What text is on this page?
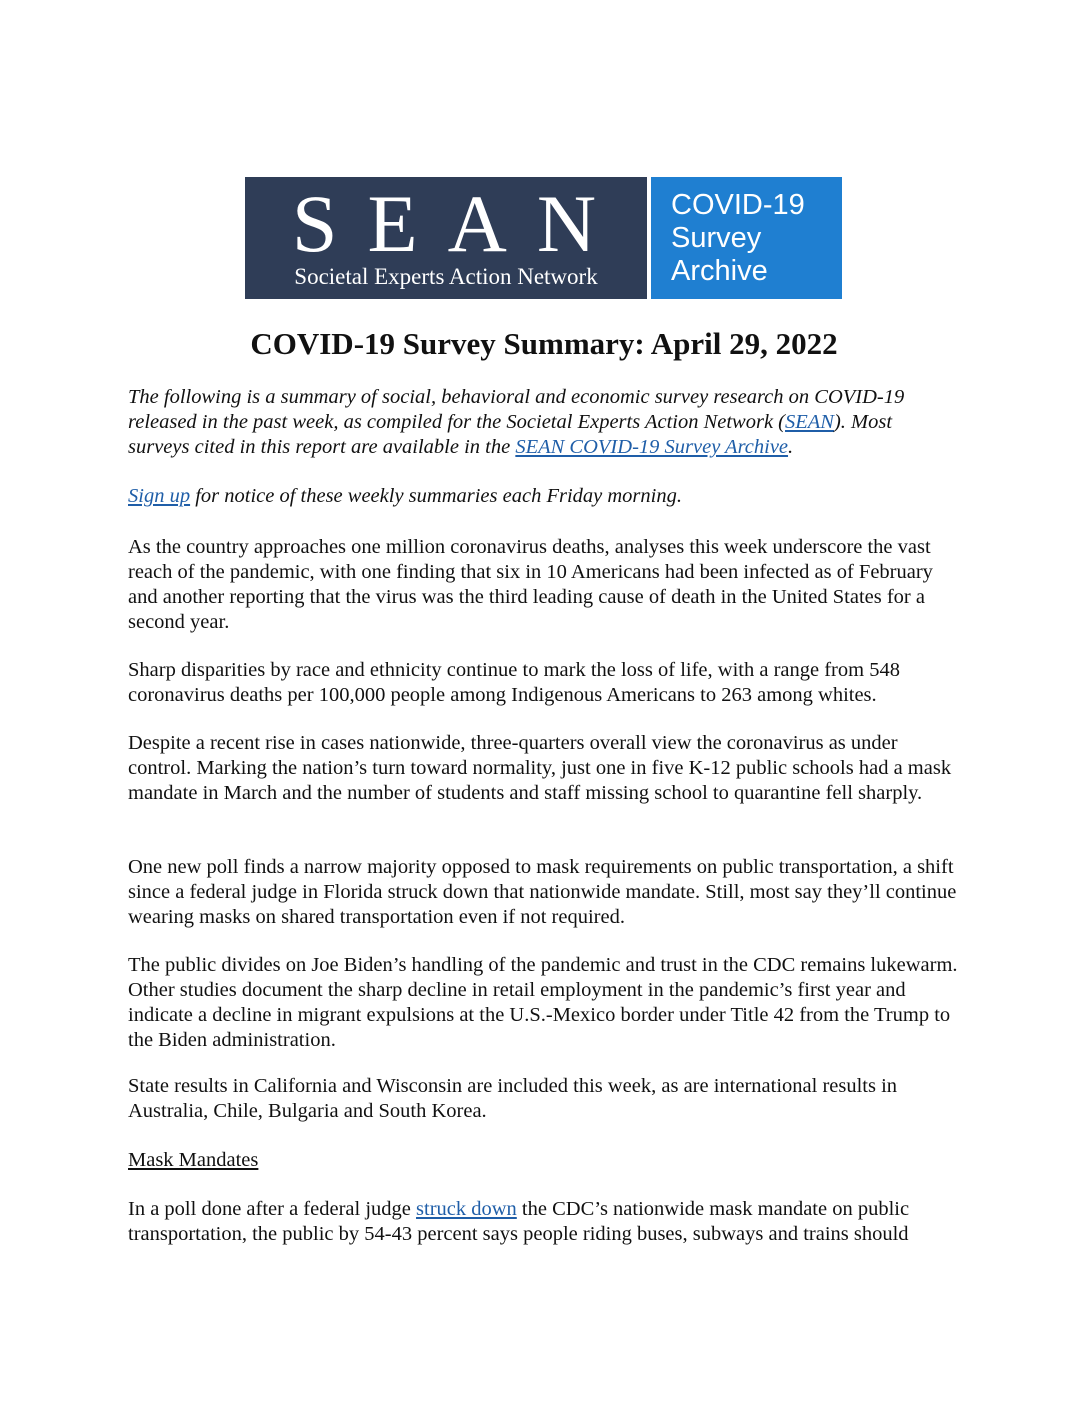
SEAN
Societal Experts Action Network
COVID-19
Survey
Archive
COVID-19 Survey Summary: April 29, 2022

The following is a summary of social, behavioral and economic survey research on COVID-19 released in the past week, as compiled for the Societal Experts Action Network (SEAN). Most surveys cited in this report are available in the SEAN COVID-19 Survey Archive.

Sign up for notice of these weekly summaries each Friday morning.

As the country approaches one million coronavirus deaths, analyses this week underscore the vast reach of the pandemic, with one finding that six in 10 Americans had been infected as of February and another reporting that the virus was the third leading cause of death in the United States for a second year.

Sharp disparities by race and ethnicity continue to mark the loss of life, with a range from 548 coronavirus deaths per 100,000 people among Indigenous Americans to 263 among whites.

Despite a recent rise in cases nationwide, three-quarters overall view the coronavirus as under control. Marking the nation’s turn toward normality, just one in five K-12 public schools had a mask mandate in March and the number of students and staff missing school to quarantine fell sharply.

One new poll finds a narrow majority opposed to mask requirements on public transportation, a shift since a federal judge in Florida struck down that nationwide mandate. Still, most say they’ll continue wearing masks on shared transportation even if not required.

The public divides on Joe Biden’s handling of the pandemic and trust in the CDC remains lukewarm. Other studies document the sharp decline in retail employment in the pandemic’s first year and indicate a decline in migrant expulsions at the U.S.-Mexico border under Title 42 from the Trump to the Biden administration.

State results in California and Wisconsin are included this week, as are international results in Australia, Chile, Bulgaria and South Korea.

Mask Mandates

In a poll done after a federal judge struck down the CDC’s nationwide mask mandate on public transportation, the public by 54-43 percent says people riding buses, subways and trains should
